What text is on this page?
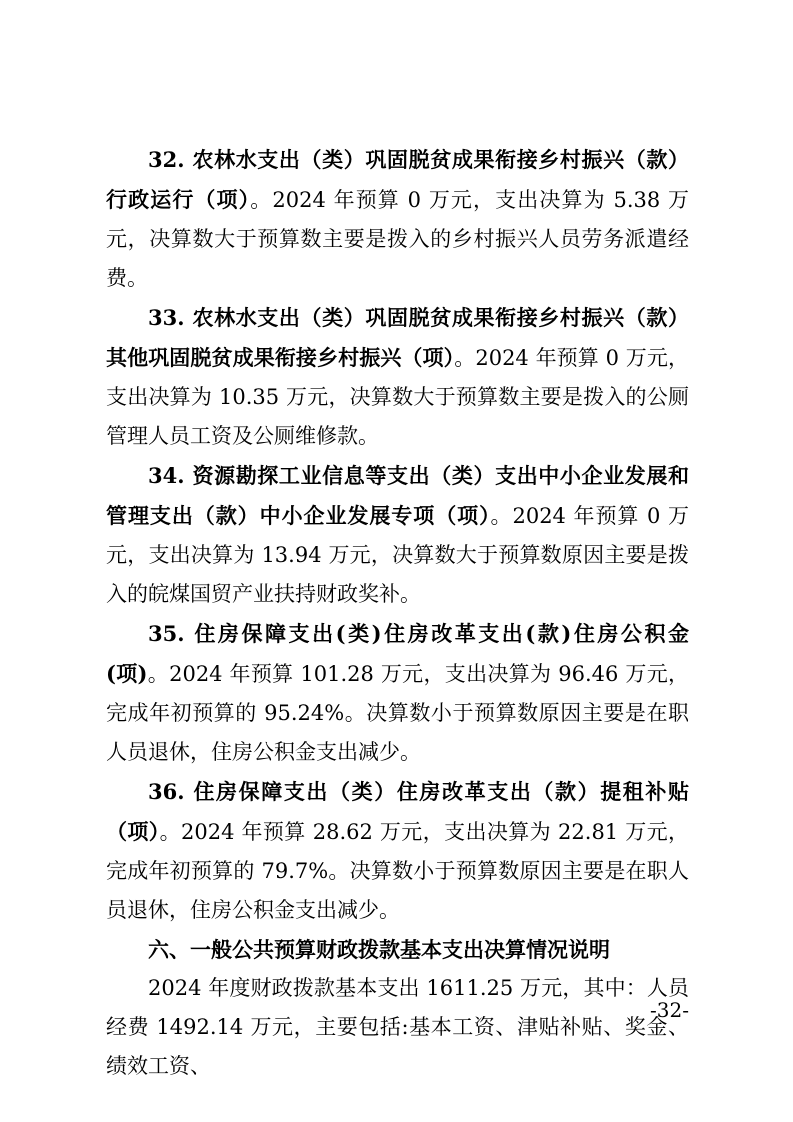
32. 农林水支出（类）巩固脱贫成果衔接乡村振兴（款）行政运行（项）。2024 年预算 0 万元，支出决算为 5.38 万元，决算数大于预算数主要是拨入的乡村振兴人员劳务派遣经费。

33. 农林水支出（类）巩固脱贫成果衔接乡村振兴（款）其他巩固脱贫成果衔接乡村振兴（项）。2024 年预算 0 万元，支出决算为 10.35 万元，决算数大于预算数主要是拨入的公厕管理人员工资及公厕维修款。

34. 资源勘探工业信息等支出（类）支出中小企业发展和管理支出（款）中小企业发展专项（项）。2024 年预算 0 万元，支出决算为 13.94 万元，决算数大于预算数原因主要是拨入的皖煤国贸产业扶持财政奖补。

35. 住房保障支出(类)住房改革支出(款)住房公积金(项)。2024 年预算 101.28 万元，支出决算为 96.46 万元，完成年初预算的 95.24%。决算数小于预算数原因主要是在职人员退休，住房公积金支出减少。

36. 住房保障支出（类）住房改革支出（款）提租补贴（项）。2024 年预算 28.62 万元，支出决算为 22.81 万元，完成年初预算的 79.7%。决算数小于预算数原因主要是在职人员退休，住房公积金支出减少。

六、一般公共预算财政拨款基本支出决算情况说明

2024 年度财政拨款基本支出 1611.25 万元，其中：人员经费 1492.14 万元，主要包括:基本工资、津贴补贴、奖金、绩效工资、

-32-
